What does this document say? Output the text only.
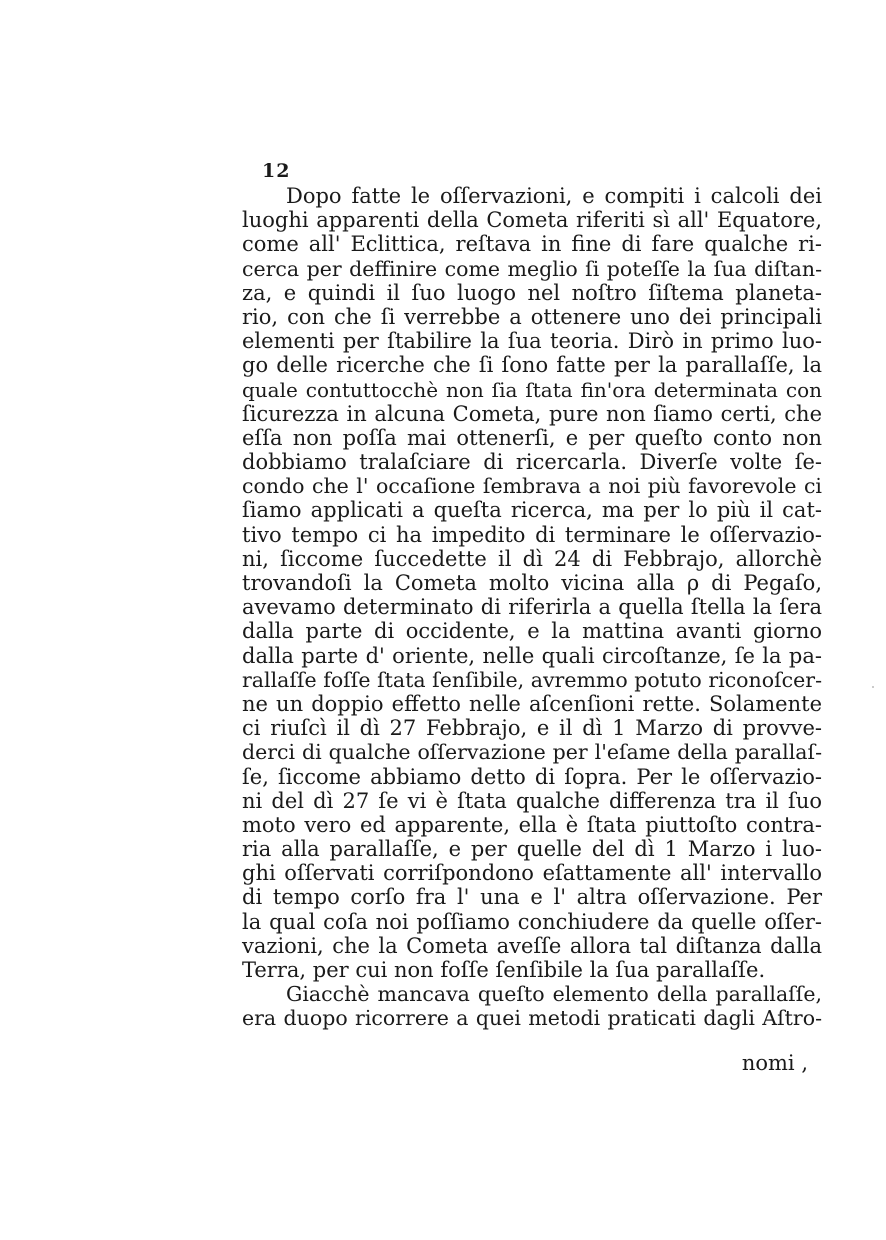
12
Dopo fatte le oſſervazioni, e compiti i calcoli dei
luoghi apparenti della Cometa riferiti sì all' Equatore,
come all' Eclittica, reſtava in fine di fare qualche ri-
cerca per deffinire come meglio ſi poteſſe la ſua diſtan-
za, e quindi il ſuo luogo nel noſtro ſiſtema planeta-
rio, con che ſi verrebbe a ottenere uno dei principali
elementi per ſtabilire la ſua teoria. Dirò in primo luo-
go delle ricerche che ſi ſono fatte per la parallaſſe, la
quale contuttocchè non ſia ſtata fin'ora determinata con
ſicurezza in alcuna Cometa, pure non ſiamo certi, che
eſſa non poſſa mai ottenerſi, e per queſto conto non
dobbiamo tralaſciare di ricercarla. Diverſe volte ſe-
condo che l' occaſione ſembrava a noi più favorevole ci
ſiamo applicati a queſta ricerca, ma per lo più il cat-
tivo tempo ci ha impedito di terminare le oſſervazio-
ni, ſiccome ſuccedette il dì 24 di Febbrajo, allorchè
trovandoſi la Cometa molto vicina alla ρ di Pegaſo,
avevamo determinato di riferirla a quella ſtella la ſera
dalla parte di occidente, e la mattina avanti giorno
dalla parte d' oriente, nelle quali circoſtanze, ſe la pa-
rallaſſe foſſe ſtata ſenſibile, avremmo potuto riconoſcer-
ne un doppio effetto nelle aſcenſioni rette. Solamente
ci riuſcì il dì 27 Febbrajo, e il dì 1 Marzo di provve-
derci di qualche oſſervazione per l'eſame della parallaſ-
ſe, ſiccome abbiamo detto di ſopra. Per le oſſervazio-
ni del dì 27 ſe vi è ſtata qualche differenza tra il ſuo
moto vero ed apparente, ella è ſtata piuttoſto contra-
ria alla parallaſſe, e per quelle del dì 1 Marzo i luo-
ghi oſſervati corriſpondono eſattamente all' intervallo
di tempo corſo fra l' una e l' altra oſſervazione. Per
la qual coſa noi poſſiamo conchiudere da quelle oſſer-
vazioni, che la Cometa aveſſe allora tal diſtanza dalla
Terra, per cui non foſſe ſenſibile la ſua parallaſſe.
Giacchè mancava queſto elemento della parallaſſe,
era duopo ricorrere a quei metodi praticati dagli Aſtro-
nomi ,
